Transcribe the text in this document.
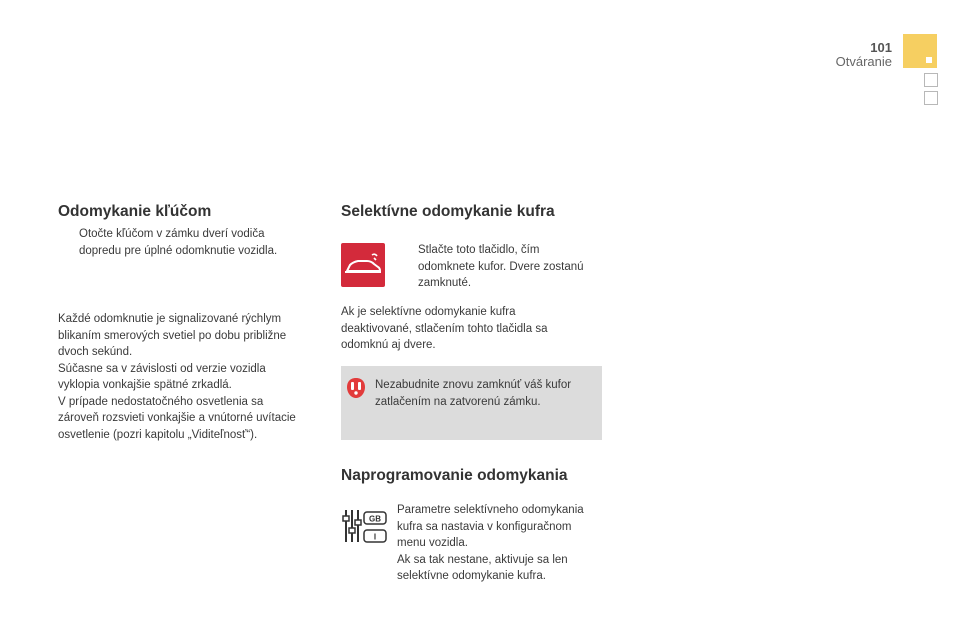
101
Otváranie
Odomykanie kľúčom
Otočte kľúčom v zámku dverí vodiča
dopredu pre úplné odomknutie vozidla.
Každé odomknutie je signalizované rýchlym
blikaním smerových svetiel po dobu približne
dvoch sekúnd.
Súčasne sa v závislosti od verzie vozidla
vyklopia vonkajšie spätné zrkadlá.
V prípade nedostatočného osvetlenia sa
zároveň rozsvieti vonkajšie a vnútorné uvítacie
osvetlenie (pozri kapitolu „Viditeľnosť“).
Selektívne odomykanie kufra
Stlačte toto tlačidlo, čím
odomknete kufor. Dvere zostanú
zamknuté.
Ak je selektívne odomykanie kufra
deaktivované, stlačením tohto tlačidla sa
odomknú aj dvere.
Nezabudnite znovu zamknúť váš kufor
zatlačením na zatvorenú zámku.
Naprogramovanie odomykania
GB
I
Parametre selektívneho odomykania
kufra sa nastavia v konfiguračnom
menu vozidla.
Ak sa tak nestane, aktivuje sa len
selektívne odomykanie kufra.
